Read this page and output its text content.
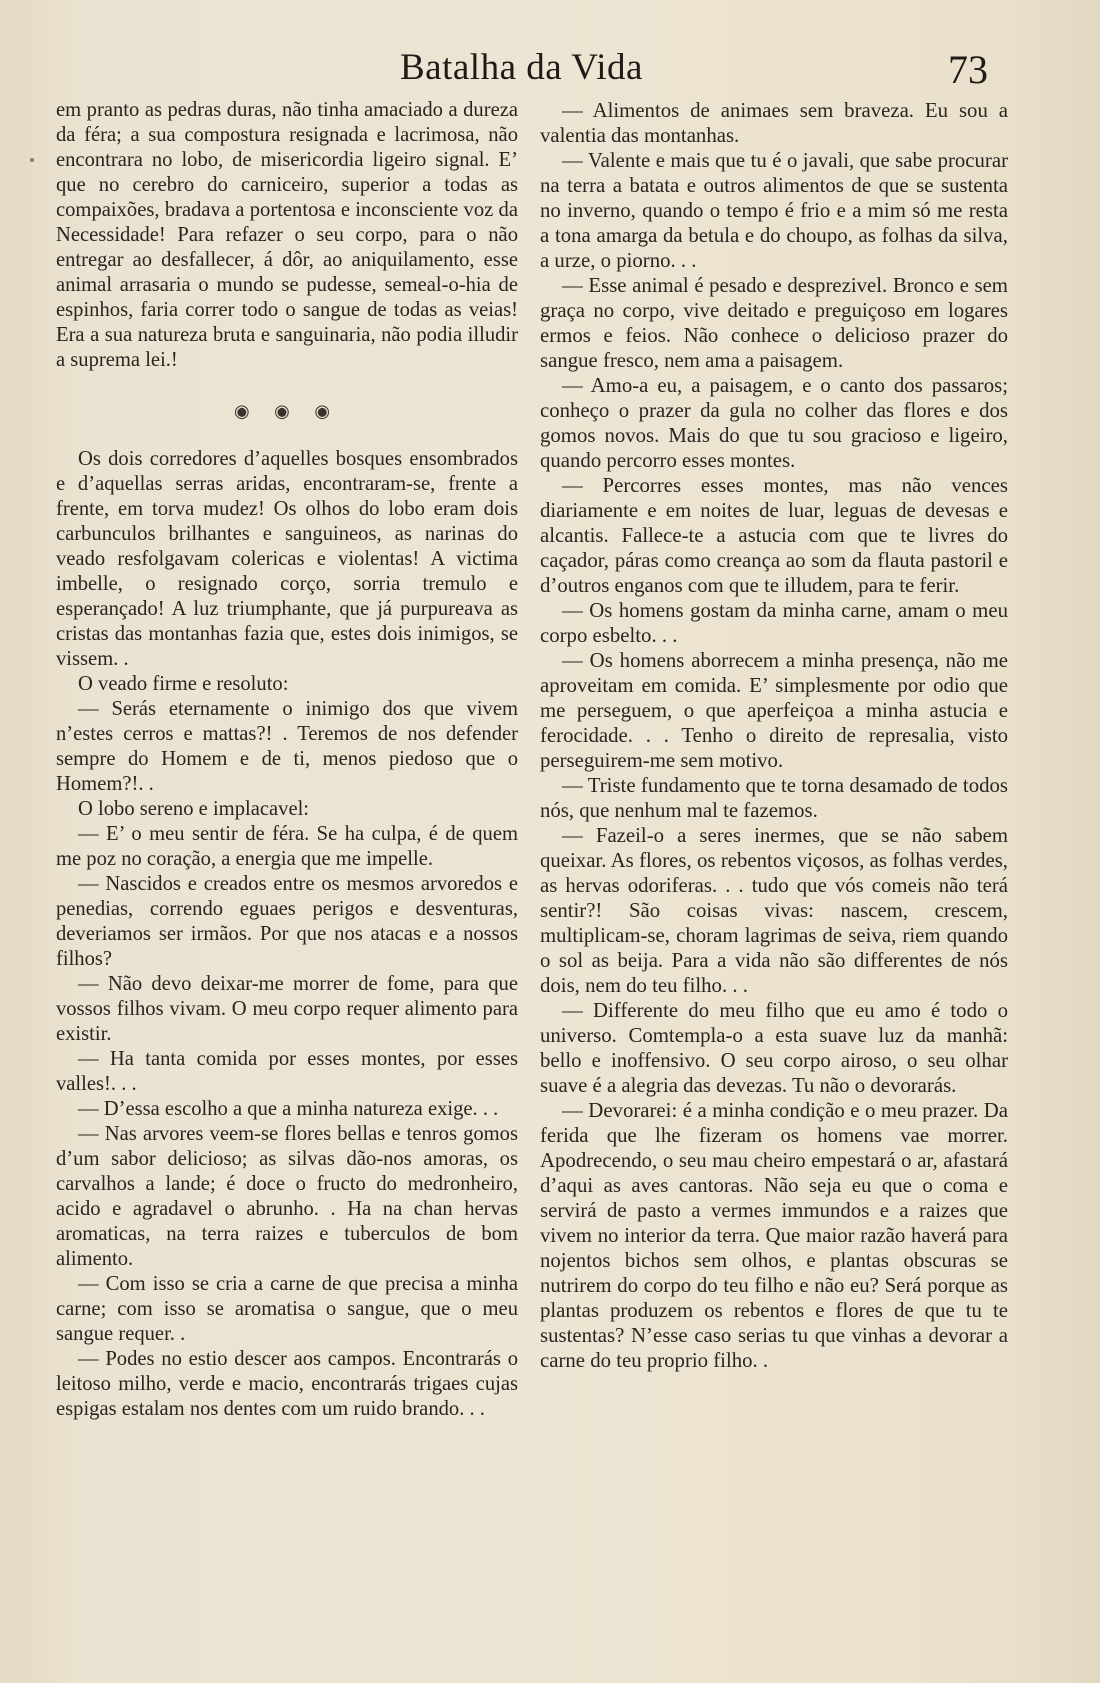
Batalha da Vida	73

em pranto as pedras duras, não tinha amaciado a dureza da féra; a sua compostura resignada e lacrimosa, não encontrara no lobo, de misericordia ligeiro signal. E’ que no cerebro do carniceiro, superior a todas as compaixões, bradava a portentosa e inconsciente voz da Necessidade! Para refazer o seu corpo, para o não entregar ao desfallecer, á dôr, ao aniquilamento, esse animal arrasaria o mundo se pudesse, semeal-o-hia de espinhos, faria correr todo o sangue de todas as veias! Era a sua natureza bruta e sanguinaria, não podia illudir a suprema lei.!

◉ ◉ ◉

Os dois corredores d’aquelles bosques ensombrados e d’aquellas serras aridas, encontraram-se, frente a frente, em torva mudez! Os olhos do lobo eram dois carbunculos brilhantes e sanguineos, as narinas do veado resfolgavam colericas e violentas! A victima imbelle, o resignado corço, sorria tremulo e esperançado! A luz triumphante, que já purpureava as cristas das montanhas fazia que, estes dois inimigos, se vissem. .

O veado firme e resoluto:

— Serás eternamente o inimigo dos que vivem n’estes cerros e mattas?! . Teremos de nos defender sempre do Homem e de ti, menos piedoso que o Homem?!. .

O lobo sereno e implacavel:

— E’ o meu sentir de féra. Se ha culpa, é de quem me poz no coração, a energia que me impelle.

— Nascidos e creados entre os mesmos arvoredos e penedias, correndo eguaes perigos e desventuras, deveriamos ser irmãos. Por que nos atacas e a nossos filhos?

— Não devo deixar-me morrer de fome, para que vossos filhos vivam. O meu corpo requer alimento para existir.

— Ha tanta comida por esses montes, por esses valles!. . .

— D’essa escolho a que a minha natureza exige. . .

— Nas arvores veem-se flores bellas e tenros gomos d’um sabor delicioso; as silvas dão-nos amoras, os carvalhos a lande; é doce o fructo do medronheiro, acido e agradavel o abrunho. . Ha na chan hervas aromaticas, na terra raizes e tuberculos de bom alimento.

— Com isso se cria a carne de que precisa a minha carne; com isso se aromatisa o sangue, que o meu sangue requer. .

— Podes no estio descer aos campos. Encontrarás o leitoso milho, verde e macio, encontrarás trigaes cujas espigas estalam nos dentes com um ruido brando. . .

— Alimentos de animaes sem braveza. Eu sou a valentia das montanhas.

— Valente e mais que tu é o javali, que sabe procurar na terra a batata e outros alimentos de que se sustenta no inverno, quando o tempo é frio e a mim só me resta a tona amarga da betula e do choupo, as folhas da silva, a urze, o piorno. . .

— Esse animal é pesado e desprezivel. Bronco e sem graça no corpo, vive deitado e preguiçoso em logares ermos e feios. Não conhece o delicioso prazer do sangue fresco, nem ama a paisagem.

— Amo-a eu, a paisagem, e o canto dos passaros; conheço o prazer da gula no colher das flores e dos gomos novos. Mais do que tu sou gracioso e ligeiro, quando percorro esses montes.

— Percorres esses montes, mas não vences diariamente e em noites de luar, leguas de devesas e alcantis. Fallece-te a astucia com que te livres do caçador, páras como creança ao som da flauta pastoril e d’outros enganos com que te illudem, para te ferir.

— Os homens gostam da minha carne, amam o meu corpo esbelto. . .

— Os homens aborrecem a minha presença, não me aproveitam em comida. E’ simplesmente por odio que me perseguem, o que aperfeiçoa a minha astucia e ferocidade. . . Tenho o direito de represalia, visto perseguirem-me sem motivo.

— Triste fundamento que te torna desamado de todos nós, que nenhum mal te fazemos.

— Fazeil-o a seres inermes, que se não sabem queixar. As flores, os rebentos viçosos, as folhas verdes, as hervas odoriferas. . . tudo que vós comeis não terá sentir?! São coisas vivas: nascem, crescem, multiplicam-se, choram lagrimas de seiva, riem quando o sol as beija. Para a vida não são differentes de nós dois, nem do teu filho. . .

— Differente do meu filho que eu amo é todo o universo. Comtempla-o a esta suave luz da manhã: bello e inoffensivo. O seu corpo airoso, o seu olhar suave é a alegria das devezas. Tu não o devorarás.

— Devorarei: é a minha condição e o meu prazer. Da ferida que lhe fizeram os homens vae morrer. Apodrecendo, o seu mau cheiro empestará o ar, afastará d’aqui as aves cantoras. Não seja eu que o coma e servirá de pasto a vermes immundos e a raizes que vivem no interior da terra. Que maior razão haverá para nojentos bichos sem olhos, e plantas obscuras se nutrirem do corpo do teu filho e não eu? Será porque as plantas produzem os rebentos e flores de que tu te sustentas? N’esse caso serias tu que vinhas a devorar a carne do teu proprio filho. .
